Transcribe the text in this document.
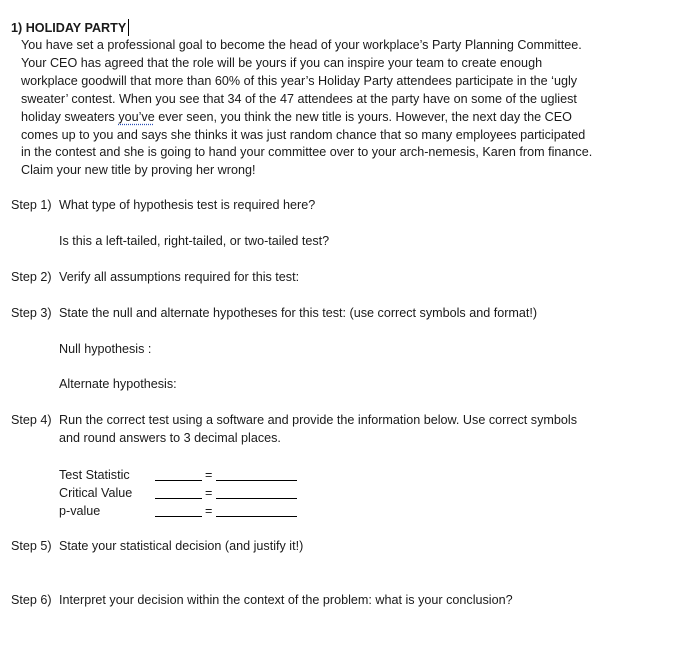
1) HOLIDAY PARTY
You have set a professional goal to become the head of your workplace’s Party Planning Committee.
Your CEO has agreed that the role will be yours if you can inspire your team to create enough
workplace goodwill that more than 60% of this year’s Holiday Party attendees participate in the ‘ugly
sweater’ contest. When you see that 34 of the 47 attendees at the party have on some of the ugliest
holiday sweaters you’ve ever seen, you think the new title is yours. However, the next day the CEO
comes up to you and says she thinks it was just random chance that so many employees participated
in the contest and she is going to hand your committee over to your arch-nemesis, Karen from finance.
Claim your new title by proving her wrong!
Step 1) What type of hypothesis test is required here?
Is this a left-tailed, right-tailed, or two-tailed test?
Step 2) Verify all assumptions required for this test:
Step 3) State the null and alternate hypotheses for this test: (use correct symbols and format!)
Null hypothesis :
Alternate hypothesis:
Step 4) Run the correct test using a software and provide the information below. Use correct symbols
and round answers to 3 decimal places.
Test Statistic	=
Critical Value	=
p-value	=
Step 5) State your statistical decision (and justify it!)
Step 6) Interpret your decision within the context of the problem: what is your conclusion?
